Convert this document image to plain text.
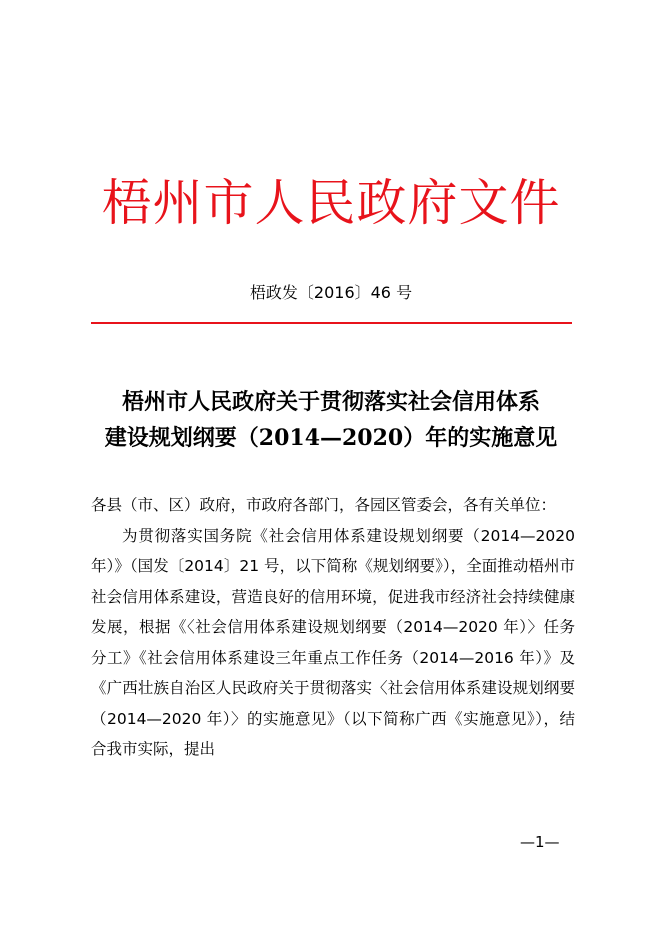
梧州市人民政府文件
梧政发〔2016〕46 号
梧州市人民政府关于贯彻落实社会信用体系
建设规划纲要（2014—2020）年的实施意见

各县（市、区）政府，市政府各部门，各园区管委会，各有关单位：

为贯彻落实国务院《社会信用体系建设规划纲要（2014—2020 年）》（国发〔2014〕21 号，以下简称《规划纲要》），全面推动梧州市社会信用体系建设，营造良好的信用环境，促进我市经济社会持续健康发展，根据《〈社会信用体系建设规划纲要（2014—2020 年）〉任务分工》《社会信用体系建设三年重点工作任务（2014—2016 年）》及《广西壮族自治区人民政府关于贯彻落实〈社会信用体系建设规划纲要（2014—2020 年）〉的实施意见》（以下简称广西《实施意见》），结合我市实际，提出

—1—
